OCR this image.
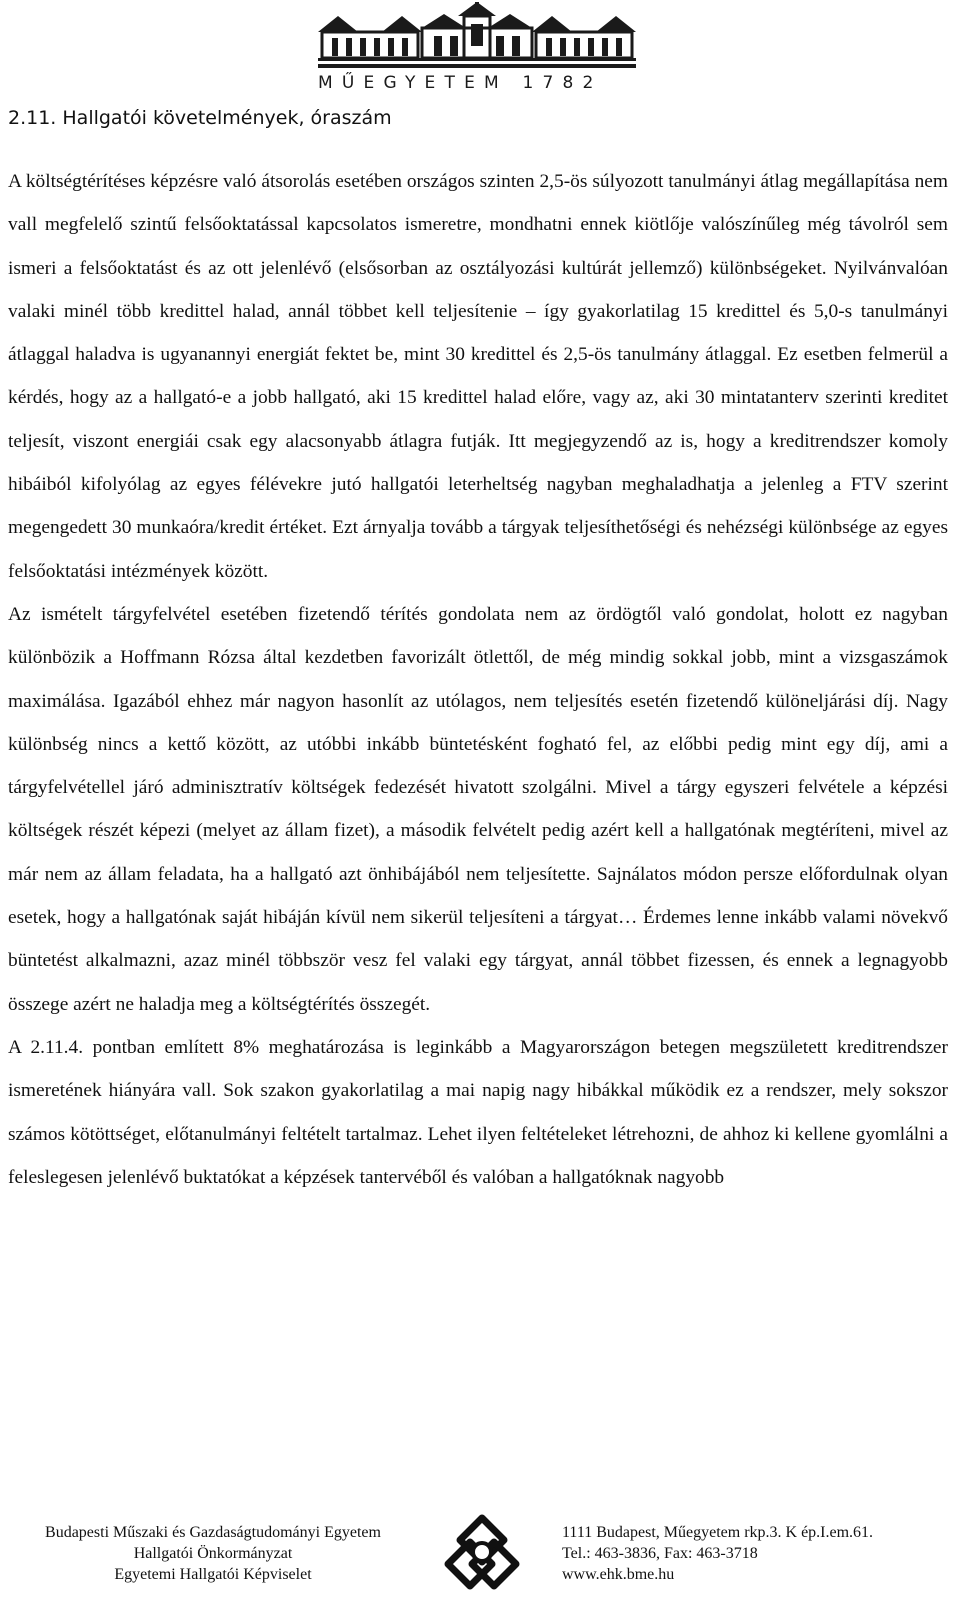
MŰEGYETEM 1782
2.11. Hallgatói követelmények, óraszám

A költségtérítéses képzésre való átsorolás esetében országos szinten 2,5-ös súlyozott tanulmányi átlag megállapítása nem vall megfelelő szintű felsőoktatással kapcsolatos ismeretre, mondhatni ennek kiötlője valószínűleg még távolról sem ismeri a felsőoktatást és az ott jelenlévő (elsősorban az osztályozási kultúrát jellemző) különbségeket. Nyilvánvalóan valaki minél több kredittel halad, annál többet kell teljesítenie – így gyakorlatilag 15 kredittel és 5,0-s tanulmányi átlaggal haladva is ugyanannyi energiát fektet be, mint 30 kredittel és 2,5-ös tanulmány átlaggal. Ez esetben felmerül a kérdés, hogy az a hallgató-e a jobb hallgató, aki 15 kredittel halad előre, vagy az, aki 30 mintatanterv szerinti kreditet teljesít, viszont energiái csak egy alacsonyabb átlagra futják. Itt megjegyzendő az is, hogy a kreditrendszer komoly hibáiból kifolyólag az egyes félévekre jutó hallgatói leterheltség nagyban meghaladhatja a jelenleg a FTV szerint megengedett 30 munkaóra/kredit értéket. Ezt árnyalja tovább a tárgyak teljesíthetőségi és nehézségi különbsége az egyes felsőoktatási intézmények között.

Az ismételt tárgyfelvétel esetében fizetendő térítés gondolata nem az ördögtől való gondolat, holott ez nagyban különbözik a Hoffmann Rózsa által kezdetben favorizált ötlettől, de még mindig sokkal jobb, mint a vizsgaszámok maximálása. Igazából ehhez már nagyon hasonlít az utólagos, nem teljesítés esetén fizetendő különeljárási díj. Nagy különbség nincs a kettő között, az utóbbi inkább büntetésként fogható fel, az előbbi pedig mint egy díj, ami a tárgyfelvétellel járó adminisztratív költségek fedezését hivatott szolgálni. Mivel a tárgy egyszeri felvétele a képzési költségek részét képezi (melyet az állam fizet), a második felvételt pedig azért kell a hallgatónak megtéríteni, mivel az már nem az állam feladata, ha a hallgató azt önhibájából nem teljesítette. Sajnálatos módon persze előfordulnak olyan esetek, hogy a hallgatónak saját hibáján kívül nem sikerül teljesíteni a tárgyat… Érdemes lenne inkább valami növekvő büntetést alkalmazni, azaz minél többször vesz fel valaki egy tárgyat, annál többet fizessen, és ennek a legnagyobb összege azért ne haladja meg a költségtérítés összegét.

A 2.11.4. pontban említett 8% meghatározása is leginkább a Magyarországon betegen megszületett kreditrendszer ismeretének hiányára vall. Sok szakon gyakorlatilag a mai napig nagy hibákkal működik ez a rendszer, mely sokszor számos kötöttséget, előtanulmányi feltételt tartalmaz. Lehet ilyen feltételeket létrehozni, de ahhoz ki kellene gyomlálni a feleslegesen jelenlévő buktatókat a képzések tantervéből és valóban a hallgatóknak nagyobb

Budapesti Műszaki és Gazdaságtudományi Egyetem
Hallgatói Önkormányzat
Egyetemi Hallgatói Képviselet
1111 Budapest, Műegyetem rkp.3. K ép.I.em.61.
Tel.: 463-3836, Fax: 463-3718
www.ehk.bme.hu
